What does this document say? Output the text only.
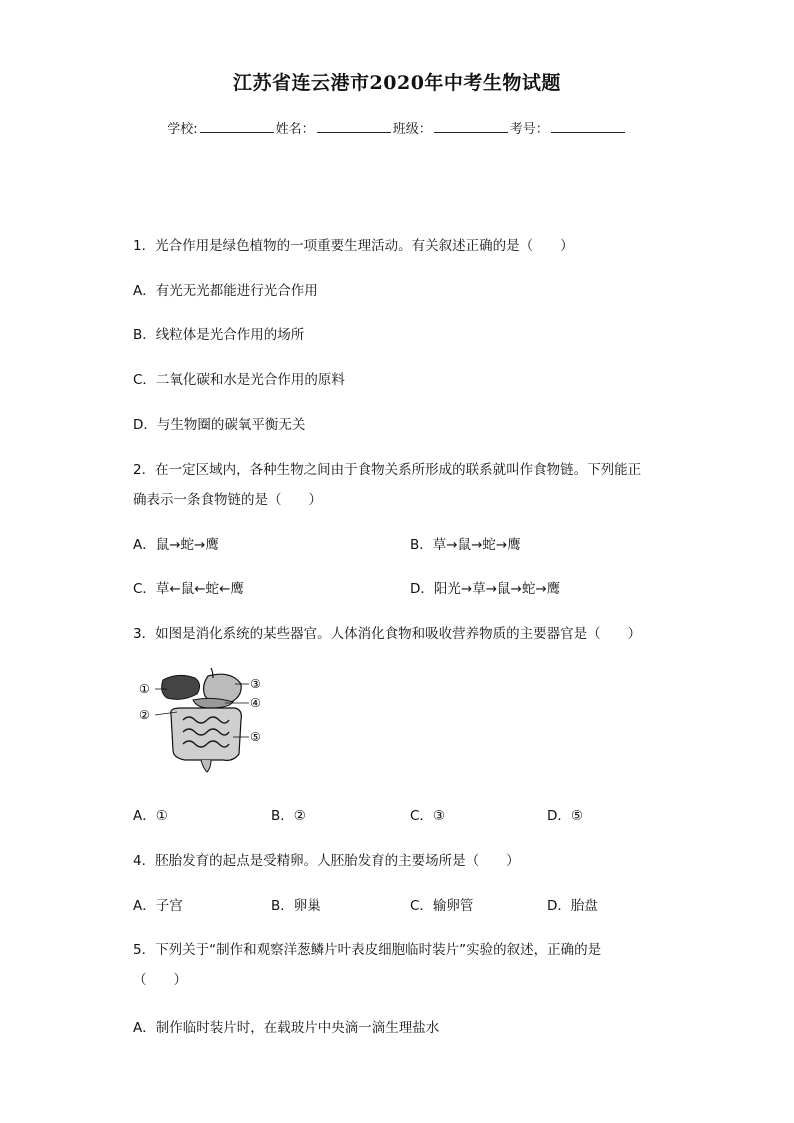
江苏省连云港市2020年中考生物试题
学校:	姓名：	班级：	考号：
1．光合作用是绿色植物的一项重要生理活动。有关叙述正确的是（　　）
A．有光无光都能进行光合作用
B．线粒体是光合作用的场所
C．二氧化碳和水是光合作用的原料
D．与生物圈的碳氧平衡无关
2．在一定区域内，各种生物之间由于食物关系所形成的联系就叫作食物链。下列能正
确表示一条食物链的是（　　）
A．鼠→蛇→鹰	B．草→鼠→蛇→鹰
C．草←鼠←蛇←鹰	D．阳光→草→鼠→蛇→鹰
3．如图是消化系统的某些器官。人体消化食物和吸收营养物质的主要器官是（　　）
①
②
③
④
⑤
A．①	B．②	C．③	D．⑤
4．胚胎发育的起点是受精卵。人胚胎发育的主要场所是（　　）
A．子宫	B．卵巢	C．输卵管	D．胎盘
5．下列关于“制作和观察洋葱鳞片叶表皮细胞临时装片”实验的叙述，正确的是
（　　）
A．制作临时装片时，在载玻片中央滴一滴生理盐水
